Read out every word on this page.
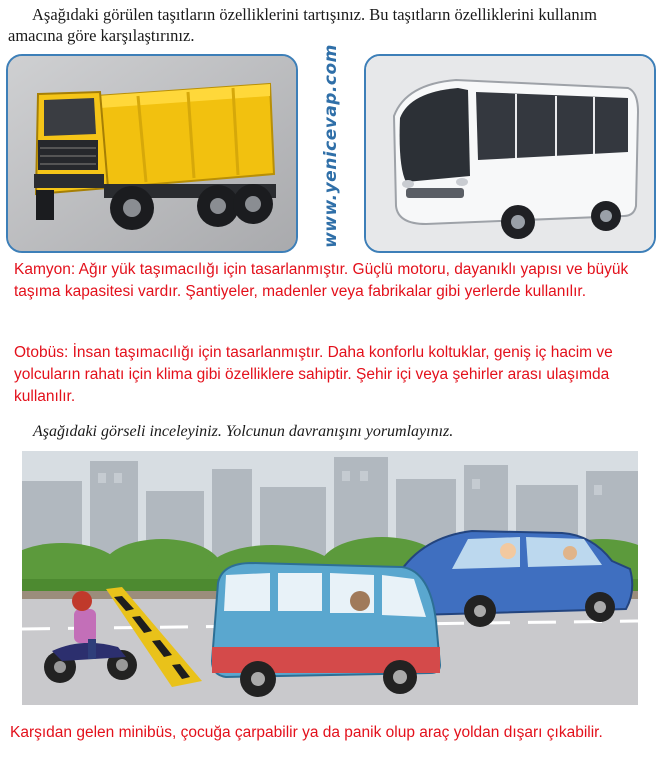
Aşağıdaki görülen taşıtların özelliklerini tartışınız. Bu taşıtların özelliklerini kullanım
amacına göre karşılaştırınız.
www.yenicevap.com
Kamyon: Ağır yük taşımacılığı için tasarlanmıştır. Güçlü motoru, dayanıklı yapısı ve büyük taşıma kapasitesi vardır. Şantiyeler, madenler veya fabrikalar gibi yerlerde kullanılır.
Otobüs: İnsan taşımacılığı için tasarlanmıştır. Daha konforlu koltuklar, geniş iç hacim ve yolcuların rahatı için klima gibi özelliklere sahiptir. Şehir içi veya şehirler arası ulaşımda kullanılır.
Aşağıdaki görseli inceleyiniz. Yolcunun davranışını yorumlayınız.
Karşıdan gelen minibüs, çocuğa çarpabilir ya da panik olup araç yoldan dışarı çıkabilir.
